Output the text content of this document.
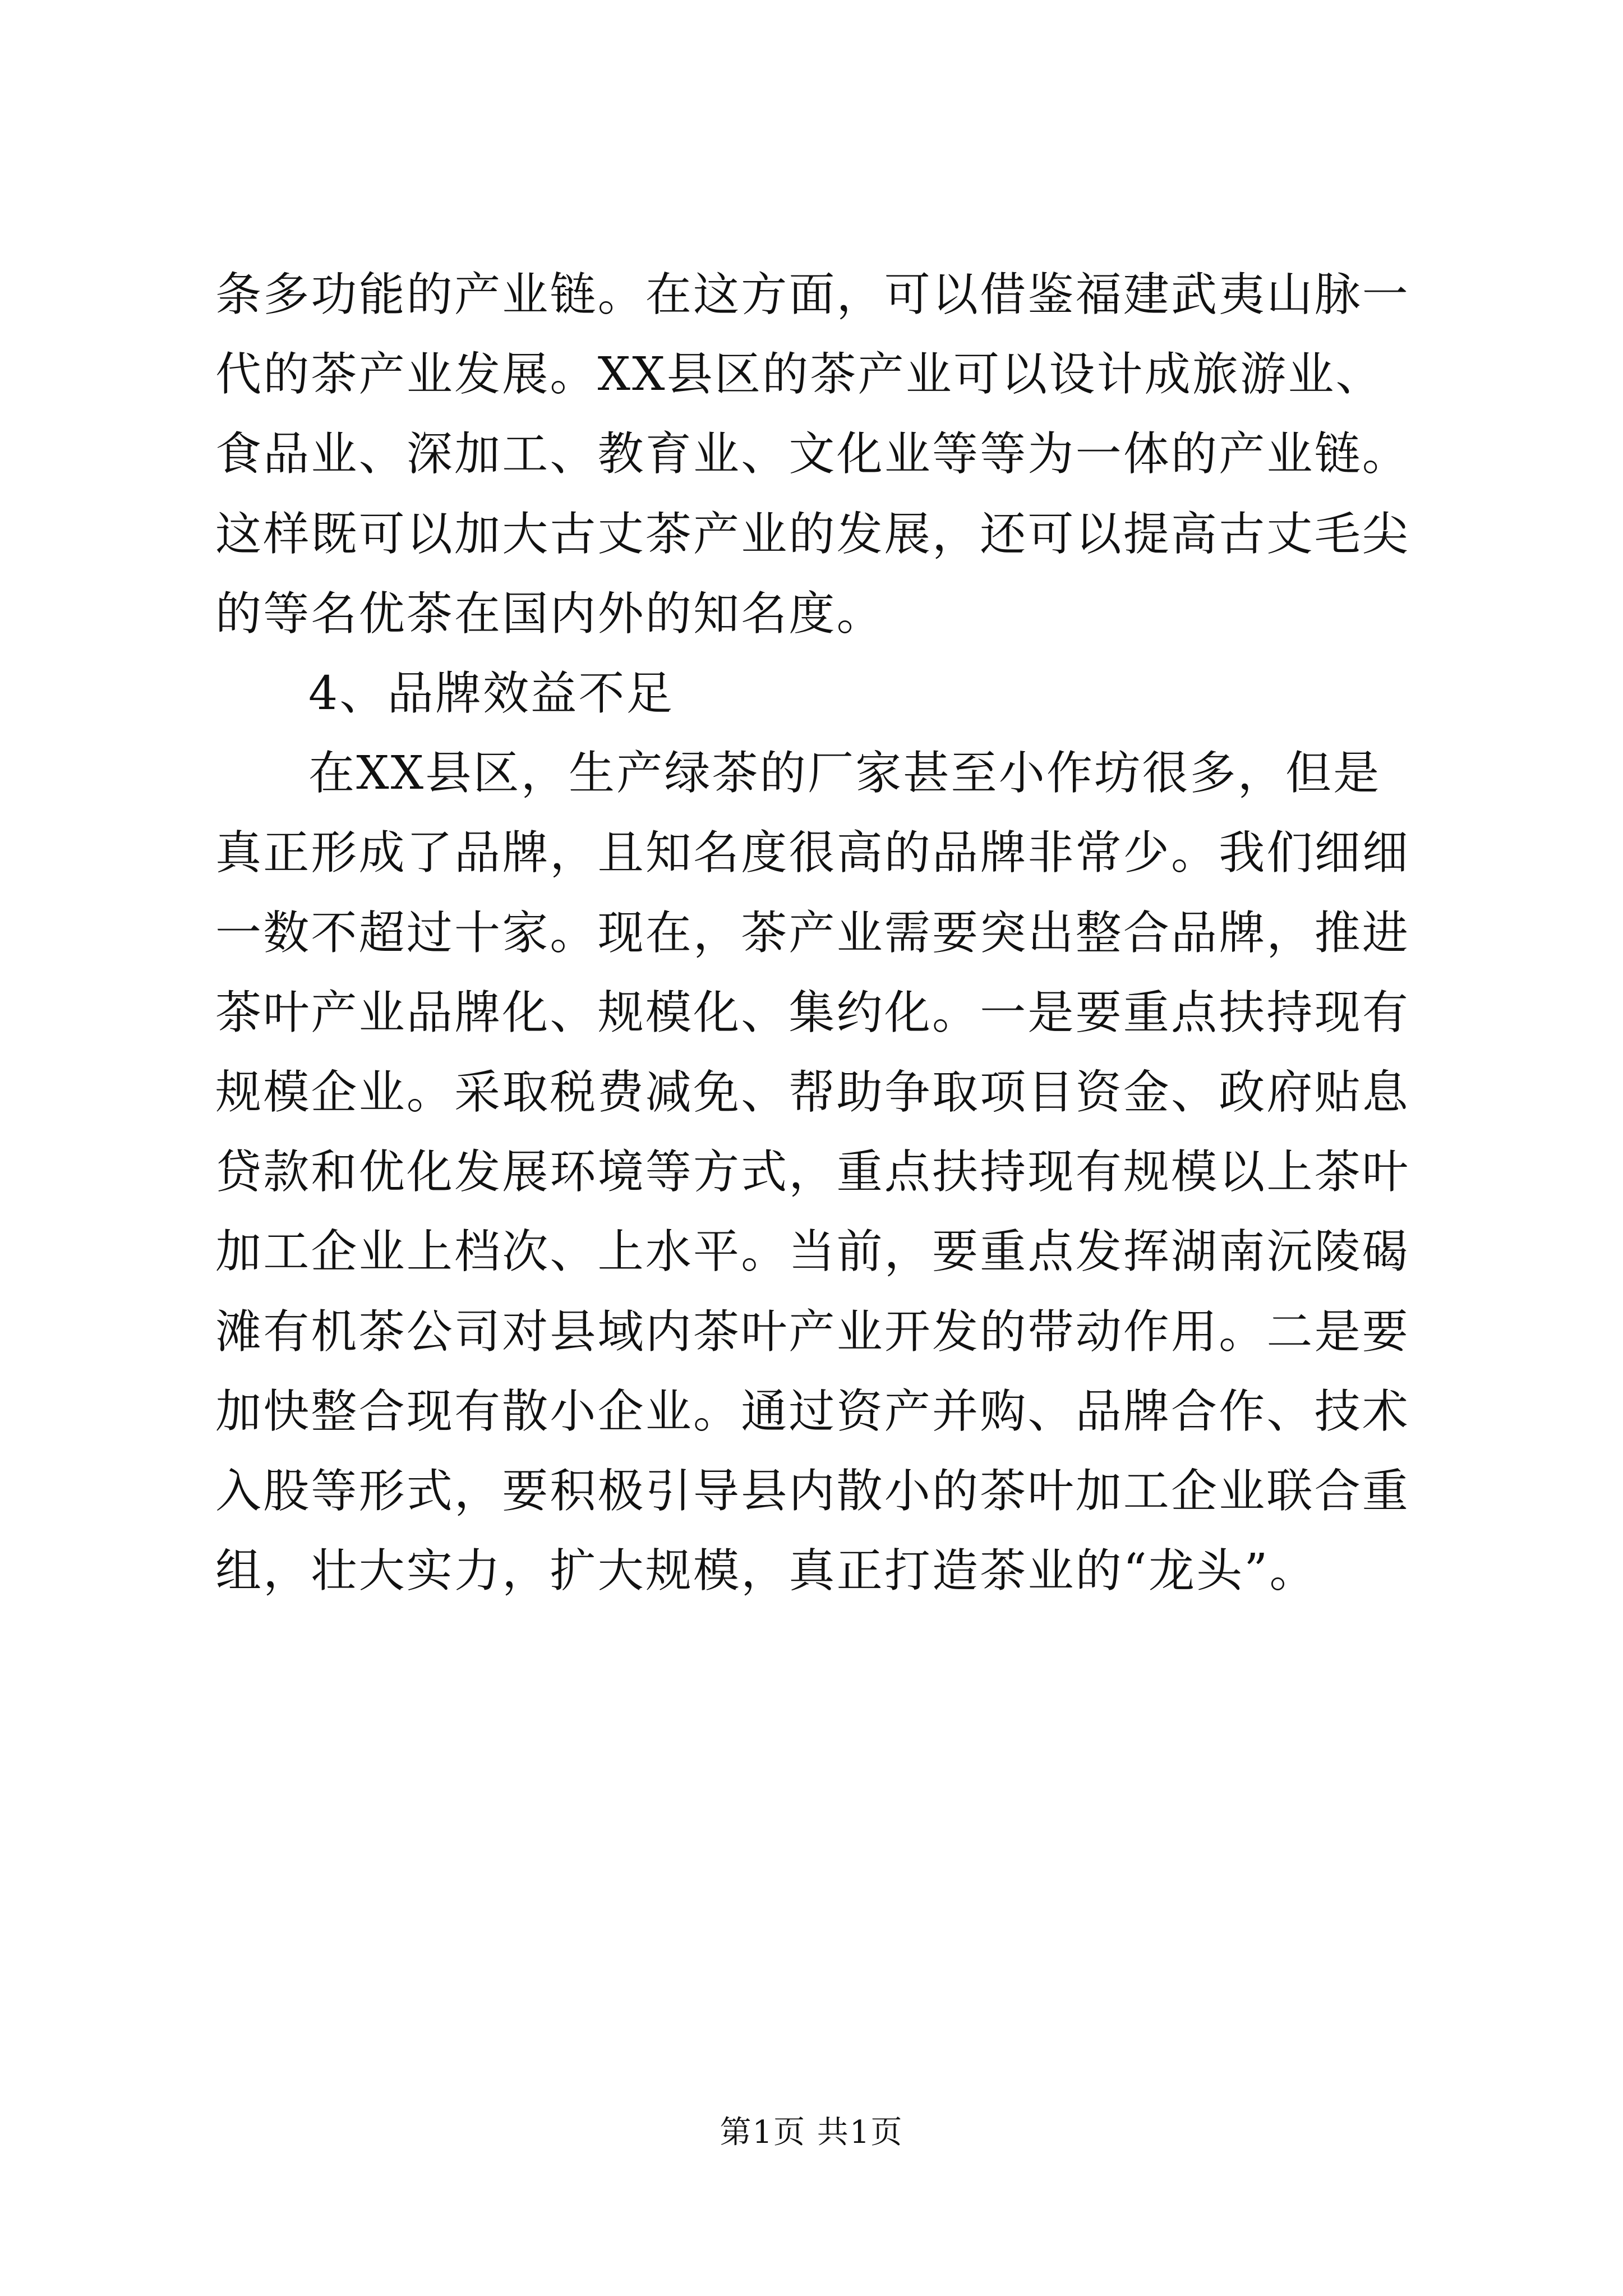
条多功能的产业链。在这方面，可以借鉴福建武夷山脉一代的茶产业发展。XX县区的茶产业可以设计成旅游业、食品业、深加工、教育业、文化业等等为一体的产业链。这样既可以加大古丈茶产业的发展，还可以提高古丈毛尖的等名优茶在国内外的知名度。

4、品牌效益不足

在XX县区，生产绿茶的厂家甚至小作坊很多，但是真正形成了品牌，且知名度很高的品牌非常少。我们细细一数不超过十家。现在，茶产业需要突出整合品牌，推进茶叶产业品牌化、规模化、集约化。一是要重点扶持现有规模企业。采取税费减免、帮助争取项目资金、政府贴息贷款和优化发展环境等方式，重点扶持现有规模以上茶叶加工企业上档次、上水平。当前，要重点发挥湖南沅陵碣滩有机茶公司对县域内茶叶产业开发的带动作用。二是要加快整合现有散小企业。通过资产并购、品牌合作、技术入股等形式，要积极引导县内散小的茶叶加工企业联合重组，壮大实力，扩大规模，真正打造茶业的“龙头”。

第1页 共1页
